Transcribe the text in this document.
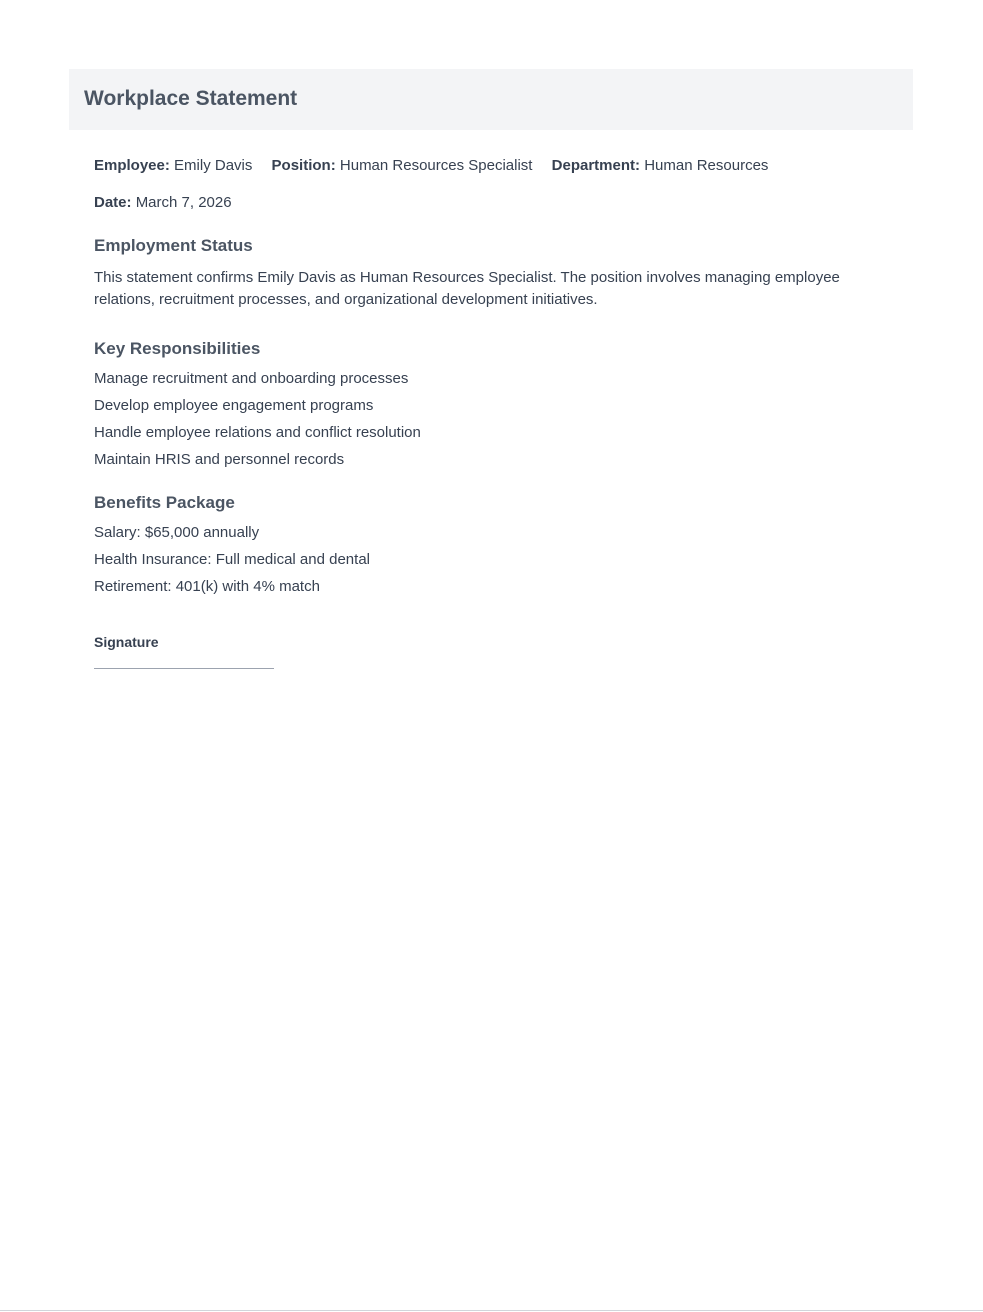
Workplace Statement
Employee: Emily Davis Position: Human Resources Specialist Department: Human Resources
Date: March 7, 2026
Employment Status

This statement confirms Emily Davis as Human Resources Specialist. The position involves managing employee relations, recruitment processes, and organizational development initiatives.

Key Responsibilities
Manage recruitment and onboarding processes
Develop employee engagement programs
Handle employee relations and conflict resolution
Maintain HRIS and personnel records
Benefits Package
Salary: $65,000 annually
Health Insurance: Full medical and dental
Retirement: 401(k) with 4% match
Signature
